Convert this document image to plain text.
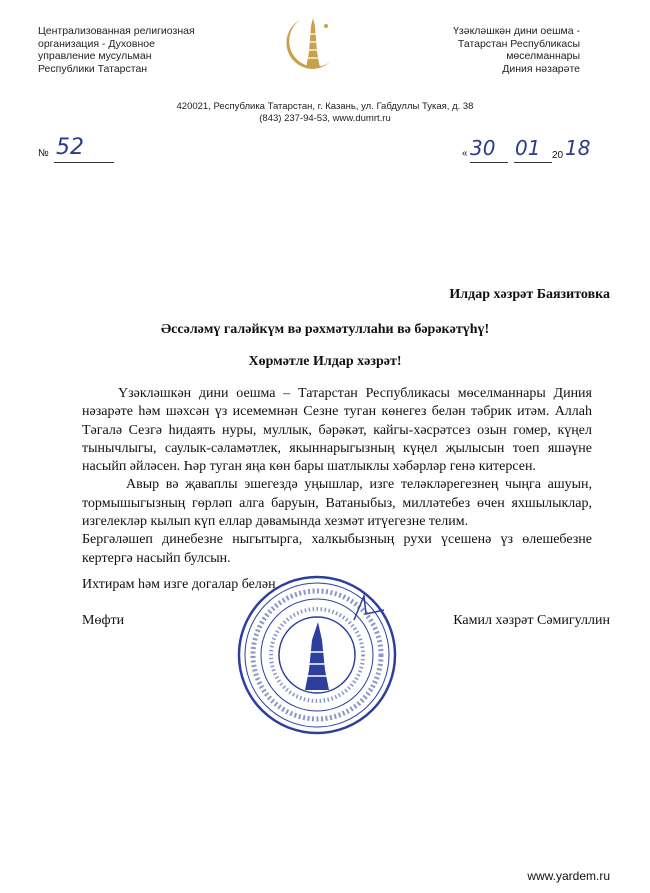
Централизованная религиозная
организация - Духовное
управление мусульман
Республики Татарстан
Үзәкләшкән дини оешма -
Татарстан Республикасы
мөселманнары
Диния нәзарәте
420021, Республика Татарстан, г. Казань, ул. Габдуллы Тукая, д. 38
(843) 237-94-53, www.dumrt.ru
№ 52	« 30 01 20 18
Илдар хәзрәт Баязитовка
Әссәләмү галәйкүм вә рәхмәтуллаһи вә бәрәкәтүһү!
Хөрмәтле Илдар хәзрәт!

Үзәкләшкән дини оешма – Татарстан Республикасы мөселманнары Диния нәзарәте һәм шәхсән үз исемемнән Сезне туган көнегез белән тәбрик итәм. Аллаһ Тәгалә Сезгә һидаять нуры, муллык, бәрәкәт, кайгы-хәсрәтсез озын гомер, күңел тынычлыгы, саулык-сәламәтлек, якыннарыгызның күңел җылысын тоеп яшәүне насыйп әйләсен. Һәр туган яңа көн бары шатлыклы хәбәрләр генә китерсен.

Авыр вә җаваплы эшегездә уңышлар, изге теләкләрегезнең чыңга ашуын, тормышыгызның гөрләп алга баруын, Ватаныбыз, милләтебез өчен яхшылыклар, изгелекләр кылып күп еллар дәвамында хезмәт итүегезне телим.

Бергәләшеп динебезне ныгытырга, халкыбызның рухи үсешенә үз өлешебезне кертергә насыйп булсын.

Ихтирам һәм изге догалар белән
Мөфти	Камил хәзрәт Сәмигуллин
www.yardem.ru
